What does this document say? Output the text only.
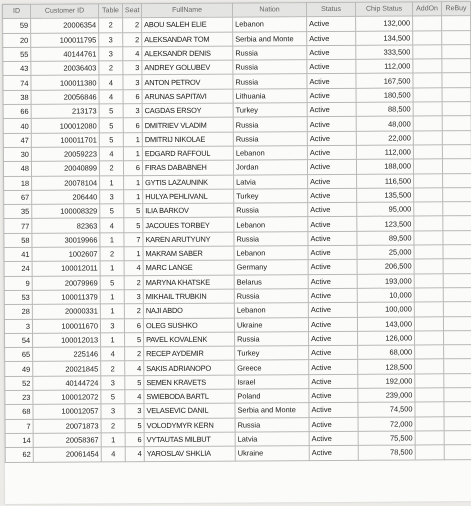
ID	Customer ID	Table	Seat	FullName	Nation	Status	Chip Status	AddOn	ReBuy
59	20006354	2	2	ABOU SALEH ELIE	Lebanon	Active	132,000		
20	100011795	3	2	ALEKSANDAR TOM	Serbia and Monte	Active	134,500		
55	40144761	3	4	ALEKSANDR DENIS	Russia	Active	333,500		
43	20036403	2	3	ANDREY GOLUBEV	Russia	Active	112,000		
74	100011380	4	3	ANTON PETROV	Russia	Active	167,500		
38	20056846	4	6	ARUNAS SAPITAVI	Lithuania	Active	180,500		
66	213173	5	3	CAGDAS ERSOY	Turkey	Active	88,500		
40	100012080	5	6	DMITRIEV VLADIM	Russia	Active	48,000		
47	100011701	5	1	DMITRIJ NIKOLAE	Russia	Active	22,000		
30	20059223	4	1	EDGARD RAFFOUL	Lebanon	Active	112,000		
48	20040899	2	6	FIRAS DABABNEH	Jordan	Active	188,000		
18	20078104	1	1	GYTIS LAZAUNINK	Latvia	Active	116,500		
67	206440	3	1	HULYA PEHLIVANL	Turkey	Active	135,500		
35	100008329	5	5	ILIA BARKOV	Russia	Active	95,000		
77	82363	4	5	JACOUES TORBEY	Lebanon	Active	123,500		
58	30019966	1	7	KAREN ARUTYUNY	Russia	Active	89,500		
41	1002607	2	1	MAKRAM SABER	Lebanon	Active	25,000		
24	100012011	1	4	MARC LANGE	Germany	Active	206,500		
9	20079969	5	2	MARYNA KHATSKE	Belarus	Active	193,000		
53	100011379	1	3	MIKHAIL TRUBKIN	Russia	Active	10,000		
28	20000331	1	2	NAJI ABDO	Lebanon	Active	100,000		
3	100011670	3	6	OLEG SUSHKO	Ukraine	Active	143,000		
54	100012013	1	5	PAVEL KOVALENK	Russia	Active	126,000		
65	225146	4	2	RECEP AYDEMIR	Turkey	Active	68,000		
49	20021845	2	4	SAKIS ADRIANOPO	Greece	Active	128,500		
52	40144724	3	5	SEMEN KRAVETS	Israel	Active	192,000		
23	100012072	5	4	SWIEBODA BARTL	Poland	Active	239,000		
68	100012057	3	3	VELASEVIC DANIL	Serbia and Monte	Active	74,500		
7	20071873	2	5	VOLODYMYR KERN	Russia	Active	72,000		
14	20058367	1	6	VYTAUTAS MILBUT	Latvia	Active	75,500		
62	20061454	4	4	YAROSLAV SHKLIA	Ukraine	Active	78,500		
